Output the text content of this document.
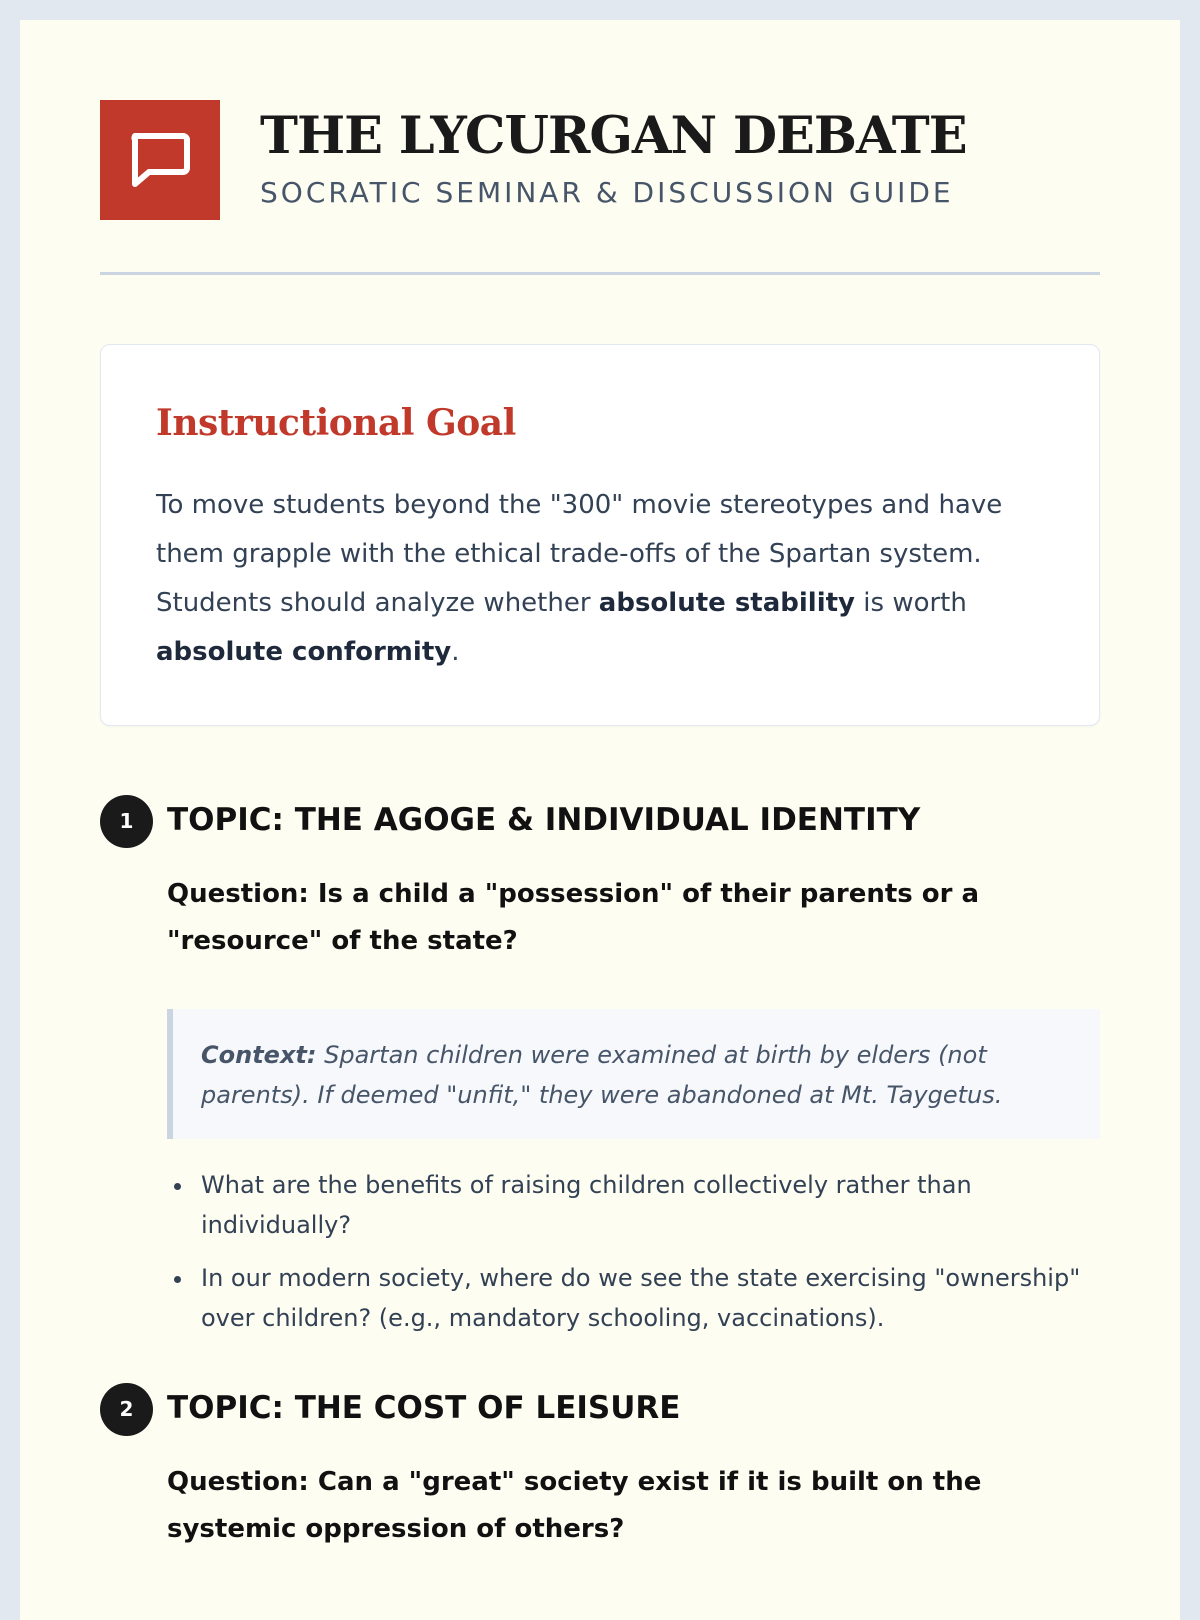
THE LYCURGAN DEBATE
SOCRATIC SEMINAR & DISCUSSION GUIDE
Instructional Goal
To move students beyond the "300" movie stereotypes and have them grapple with the ethical trade-offs of the Spartan system. Students should analyze whether absolute stability is worth absolute conformity.
1	TOPIC: THE AGOGE & INDIVIDUAL IDENTITY
Question: Is a child a "possession" of their parents or a "resource" of the state?
Context: Spartan children were examined at birth by elders (not parents). If deemed "unfit," they were abandoned at Mt. Taygetus.
What are the benefits of raising children collectively rather than individually?
In our modern society, where do we see the state exercising "ownership" over children? (e.g., mandatory schooling, vaccinations).
2	TOPIC: THE COST OF LEISURE
Question: Can a "great" society exist if it is built on the systemic oppression of others?
